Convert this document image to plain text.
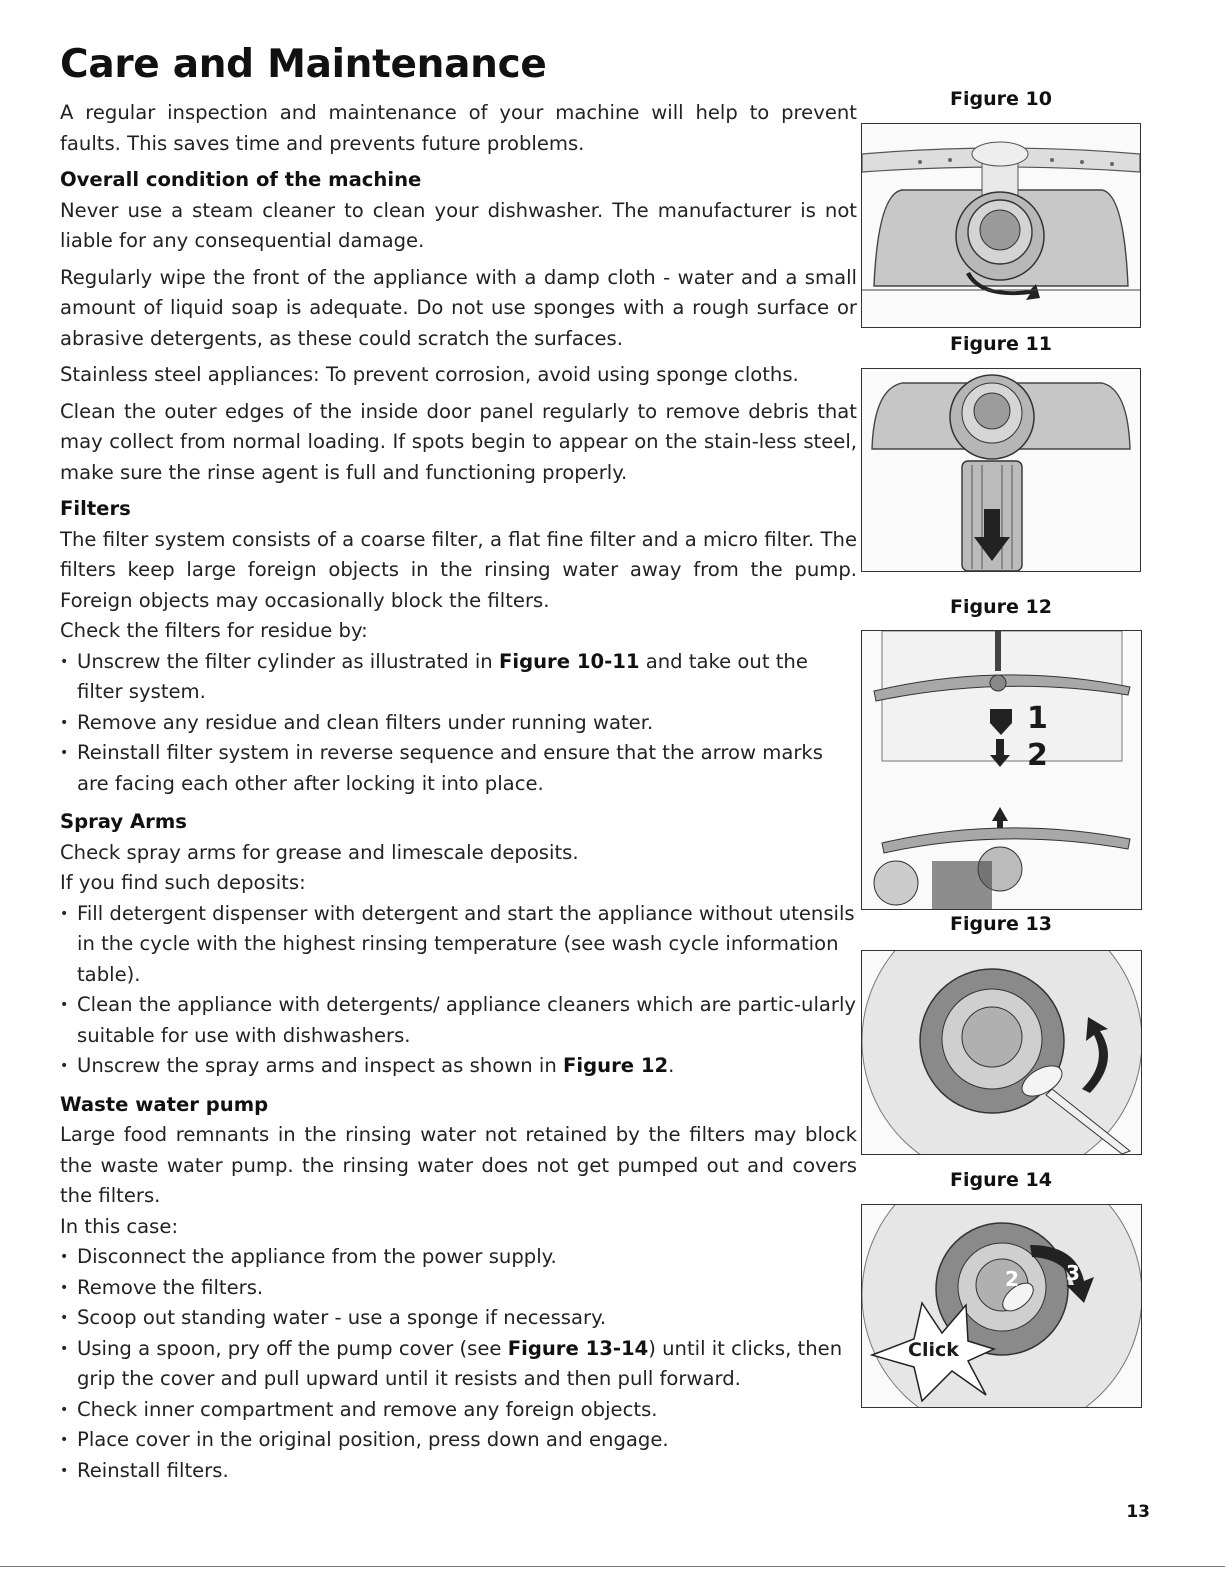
Care and Maintenance

A regular inspection and maintenance of your machine will help to prevent faults. This saves time and prevents future problems.

Overall condition of the machine

Never use a steam cleaner to clean your dishwasher. The manufacturer is not liable for any consequential damage.

Regularly wipe the front of the appliance with a damp cloth - water and a small amount of liquid soap is adequate. Do not use sponges with a rough surface or abrasive detergents, as these could scratch the surfaces.

Stainless steel appliances: To prevent corrosion, avoid using sponge cloths.

Clean the outer edges of the inside door panel regularly to remove debris that may collect from normal loading. If spots begin to appear on the stain-less steel, make sure the rinse agent is full and functioning properly.

Filters

The filter system consists of a coarse filter, a flat fine filter and a micro filter. The filters keep large foreign objects in the rinsing water away from the pump. Foreign objects may occasionally block the filters.

Check the filters for residue by:

• Unscrew the filter cylinder as illustrated in Figure 10-11 and take out the filter system.
• Remove any residue and clean filters under running water.
• Reinstall filter system in reverse sequence and ensure that the arrow marks are facing each other after locking it into place.
Spray Arms

Check spray arms for grease and limescale deposits.

If you find such deposits:

• Fill detergent dispenser with detergent and start the appliance without utensils in the cycle with the highest rinsing temperature (see wash cycle information table).
• Clean the appliance with detergents/ appliance cleaners which are partic-ularly suitable for use with dishwashers.
• Unscrew the spray arms and inspect as shown in Figure 12.
Waste water pump

Large food remnants in the rinsing water not retained by the filters may block the waste water pump. the rinsing water does not get pumped out and covers the filters.

In this case:

• Disconnect the appliance from the power supply.
• Remove the filters.
• Scoop out standing water - use a sponge if necessary.
• Using a spoon, pry off the pump cover (see Figure 13-14) until it clicks, then grip the cover and pull upward until it resists and then pull forward.
• Check inner compartment and remove any foreign objects.
• Place cover in the original position, press down and engage.
• Reinstall filters.
Figure 10
Figure 11
Figure 12
1
2
Figure 13
Figure 14
2 3
Click
13
